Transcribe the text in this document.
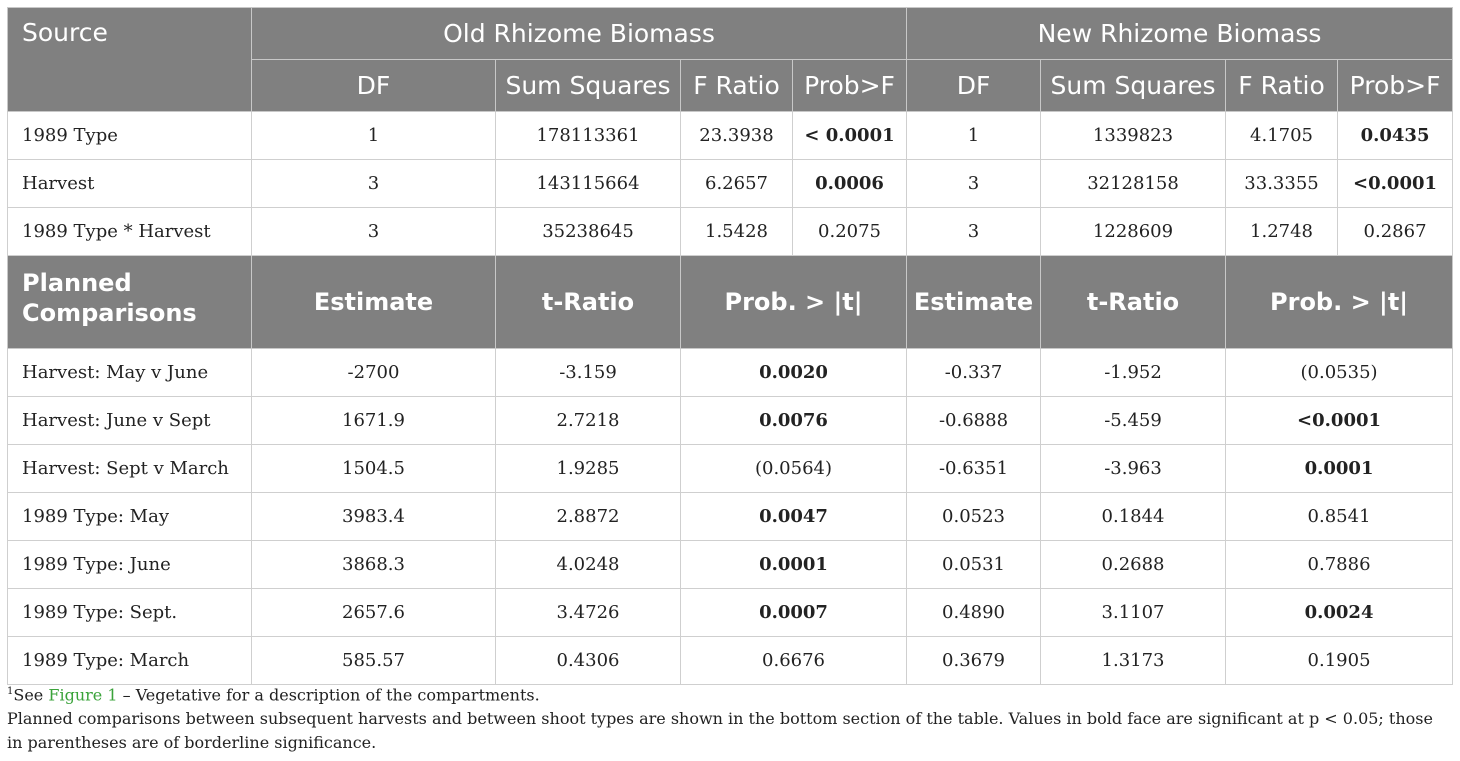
Source	Old Rhizome Biomass				New Rhizome Biomass			
	DF	Sum Squares	F Ratio	Prob>F	DF	Sum Squares	F Ratio	Prob>F
1989 Type	1	178113361	23.3938	< 0.0001	1	1339823	4.1705	0.0435
Harvest	3	143115664	6.2657	0.0006	3	32128158	33.3355	<0.0001
1989 Type * Harvest	3	35238645	1.5428	0.2075	3	1228609	1.2748	0.2867
Planned
Comparisons	Estimate	t-Ratio	Prob. > |t|		Estimate	t-Ratio	Prob. > |t|	
Harvest: May v June	-2700	-3.159	0.0020		-0.337	-1.952	(0.0535)	
Harvest: June v Sept	1671.9	2.7218	0.0076		-0.6888	-5.459	<0.0001	
Harvest: Sept v March	1504.5	1.9285	(0.0564)		-0.6351	-3.963	0.0001	
1989 Type: May	3983.4	2.8872	0.0047		0.0523	0.1844	0.8541	
1989 Type: June	3868.3	4.0248	0.0001		0.0531	0.2688	0.7886	
1989 Type: Sept.	2657.6	3.4726	0.0007		0.4890	3.1107	0.0024	
1989 Type: March	585.57	0.4306	0.6676		0.3679	1.3173	0.1905	
$^1$See Figure 1 – Vegetative for a description of the compartments.
Planned comparisons between subsequent harvests and between shoot types are shown in the bottom section of the table. Values in bold face are significant at p < 0.05; those in parentheses are of borderline significance.
